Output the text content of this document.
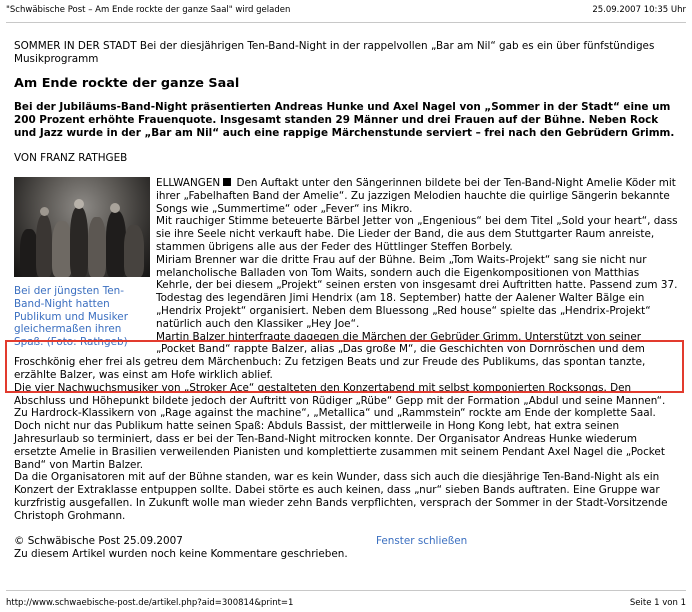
"Schwäbische Post – Am Ende rockte der ganze Saal" wird geladen	25.09.2007 10:35 Uhr

SOMMER IN DER STADT Bei der diesjährigen Ten-Band-Night in der rappelvollen „Bar am Nil“ gab es ein über fünfstündiges Musikprogramm

Am Ende rockte der ganze Saal

Bei der Jubiläums-Band-Night präsentierten Andreas Hunke und Axel Nagel von „Sommer in der Stadt“ eine um 200 Prozent erhöhte Frauenquote. Insgesamt standen 29 Männer und drei Frauen auf der Bühne. Neben Rock und Jazz wurde in der „Bar am Nil“ auch eine rappige Märchenstunde serviert – frei nach den Gebrüdern Grimm.

VON FRANZ RATHGEB

Bei der jüngsten Ten-Band-Night hatten Publikum und Musiker gleichermaßen ihren Spaß. (Foto: Rathgeb)

ELLWANGEN Den Auftakt unter den Sängerinnen bildete bei der Ten-Band-Night Amelie Köder mit ihrer „Fabelhaften Band der Amelie“. Zu jazzigen Melodien hauchte die quirlige Sängerin bekannte Songs wie „Summertime“ oder „Fever“ ins Mikro.

Mit rauchiger Stimme beteuerte Bärbel Jetter von „Engenious“ bei dem Titel „Sold your heart“, dass sie ihre Seele nicht verkauft habe. Die Lieder der Band, die aus dem Stuttgarter Raum anreiste, stammen übrigens alle aus der Feder des Hüttlinger Steffen Borbely.

Miriam Brenner war die dritte Frau auf der Bühne. Beim „Tom Waits-Projekt“ sang sie nicht nur melancholische Balladen von Tom Waits, sondern auch die Eigenkompositionen von Matthias Kehrle, der bei diesem „Projekt“ seinen ersten von insgesamt drei Auftritten hatte. Passend zum 37. Todestag des legendären Jimi Hendrix (am 18. September) hatte der Aalener Walter Bälge ein „Hendrix Projekt“ organisiert. Neben dem Bluessong „Red house“ spielte das „Hendrix-Projekt“ natürlich auch den Klassiker „Hey Joe“.

Martin Balzer hinterfragte dagegen die Märchen der Gebrüder Grimm. Unterstützt von seiner „Pocket Band“ rappte Balzer, alias „Das große M“, die Geschichten von Dornröschen und dem Froschkönig eher frei als getreu dem Märchenbuch: Zu fetzigen Beats und zur Freude des Publikums, das spontan tanzte, erzählte Balzer, was einst am Hofe wirklich ablief.

Die vier Nachwuchsmusiker von „Stroker Ace“ gestalteten den Konzertabend mit selbst komponierten Rocksongs. Den Abschluss und Höhepunkt bildete jedoch der Auftritt von Rüdiger „Rübe“ Gepp mit der Formation „Abdul und seine Mannen“. Zu Hardrock-Klassikern von „Rage against the machine“, „Metallica“ und „Rammstein“ rockte am Ende der komplette Saal.

Doch nicht nur das Publikum hatte seinen Spaß: Abduls Bassist, der mittlerweile in Hong Kong lebt, hat extra seinen Jahresurlaub so terminiert, dass er bei der Ten-Band-Night mitrocken konnte. Der Organisator Andreas Hunke wiederum ersetzte Amelie in Brasilien verweilenden Pianisten und komplettierte zusammen mit seinem Pendant Axel Nagel die „Pocket Band“ von Martin Balzer.

Da die Organisatoren mit auf der Bühne standen, war es kein Wunder, dass sich auch die diesjährige Ten-Band-Night als ein Konzert der Extraklasse entpuppen sollte. Dabei störte es auch keinen, dass „nur“ sieben Bands auftraten. Eine Gruppe war kurzfristig ausgefallen. In Zukunft wolle man wieder zehn Bands verpflichten, versprach der Sommer in der Stadt-Vorsitzende Christoph Grohmann.

© Schwäbische Post 25.09.2007	Fenster schließen
Zu diesem Artikel wurden noch keine Kommentare geschrieben.
http://www.schwaebische-post.de/artikel.php?aid=300814&print=1	Seite 1 von 1
